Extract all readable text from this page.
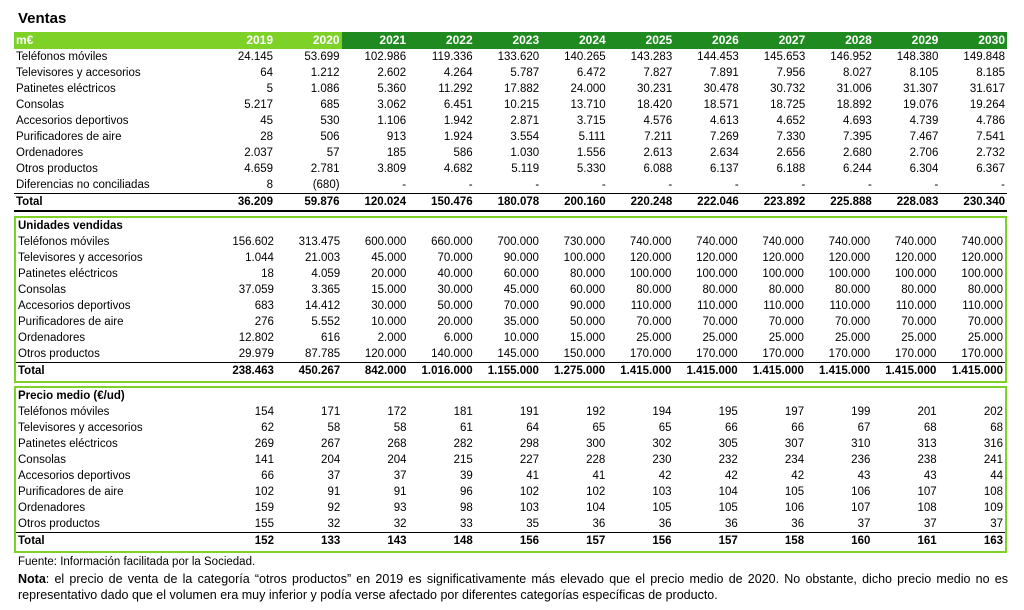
Ventas
m€	2019	2020	2021	2022	2023	2024	2025	2026	2027	2028	2029	2030
Teléfonos móviles	24.145	53.699	102.986	119.336	133.620	140.265	143.283	144.453	145.653	146.952	148.380	149.848
Televisores y accesorios	64	1.212	2.602	4.264	5.787	6.472	7.827	7.891	7.956	8.027	8.105	8.185
Patinetes eléctricos	5	1.086	5.360	11.292	17.882	24.000	30.231	30.478	30.732	31.006	31.307	31.617
Consolas	5.217	685	3.062	6.451	10.215	13.710	18.420	18.571	18.725	18.892	19.076	19.264
Accesorios deportivos	45	530	1.106	1.942	2.871	3.715	4.576	4.613	4.652	4.693	4.739	4.786
Purificadores de aire	28	506	913	1.924	3.554	5.111	7.211	7.269	7.330	7.395	7.467	7.541
Ordenadores	2.037	57	185	586	1.030	1.556	2.613	2.634	2.656	2.680	2.706	2.732
Otros productos	4.659	2.781	3.809	4.682	5.119	5.330	6.088	6.137	6.188	6.244	6.304	6.367
Diferencias no conciliadas	8	(680)	-	-	-	-	-	-	-	-	-	-
Total	36.209	59.876	120.024	150.476	180.078	200.160	220.248	222.046	223.892	225.888	228.083	230.340
Unidades vendidas												
Teléfonos móviles	156.602	313.475	600.000	660.000	700.000	730.000	740.000	740.000	740.000	740.000	740.000	740.000
Televisores y accesorios	1.044	21.003	45.000	70.000	90.000	100.000	120.000	120.000	120.000	120.000	120.000	120.000
Patinetes eléctricos	18	4.059	20.000	40.000	60.000	80.000	100.000	100.000	100.000	100.000	100.000	100.000
Consolas	37.059	3.365	15.000	30.000	45.000	60.000	80.000	80.000	80.000	80.000	80.000	80.000
Accesorios deportivos	683	14.412	30.000	50.000	70.000	90.000	110.000	110.000	110.000	110.000	110.000	110.000
Purificadores de aire	276	5.552	10.000	20.000	35.000	50.000	70.000	70.000	70.000	70.000	70.000	70.000
Ordenadores	12.802	616	2.000	6.000	10.000	15.000	25.000	25.000	25.000	25.000	25.000	25.000
Otros productos	29.979	87.785	120.000	140.000	145.000	150.000	170.000	170.000	170.000	170.000	170.000	170.000
Total	238.463	450.267	842.000	1.016.000	1.155.000	1.275.000	1.415.000	1.415.000	1.415.000	1.415.000	1.415.000	1.415.000
Precio medio (€/ud)												
Teléfonos móviles	154	171	172	181	191	192	194	195	197	199	201	202
Televisores y accesorios	62	58	58	61	64	65	65	66	66	67	68	68
Patinetes eléctricos	269	267	268	282	298	300	302	305	307	310	313	316
Consolas	141	204	204	215	227	228	230	232	234	236	238	241
Accesorios deportivos	66	37	37	39	41	41	42	42	42	43	43	44
Purificadores de aire	102	91	91	96	102	102	103	104	105	106	107	108
Ordenadores	159	92	93	98	103	104	105	105	106	107	108	109
Otros productos	155	32	32	33	35	36	36	36	36	37	37	37
Total	152	133	143	148	156	157	156	157	158	160	161	163
Fuente: Información facilitada por la Sociedad.
Nota: el precio de venta de la categoría “otros productos” en 2019 es significativamente más elevado que el precio medio de 2020. No obstante, dicho precio medio no es representativo dado que el volumen era muy inferior y podía verse afectado por diferentes categorías específicas de producto.
